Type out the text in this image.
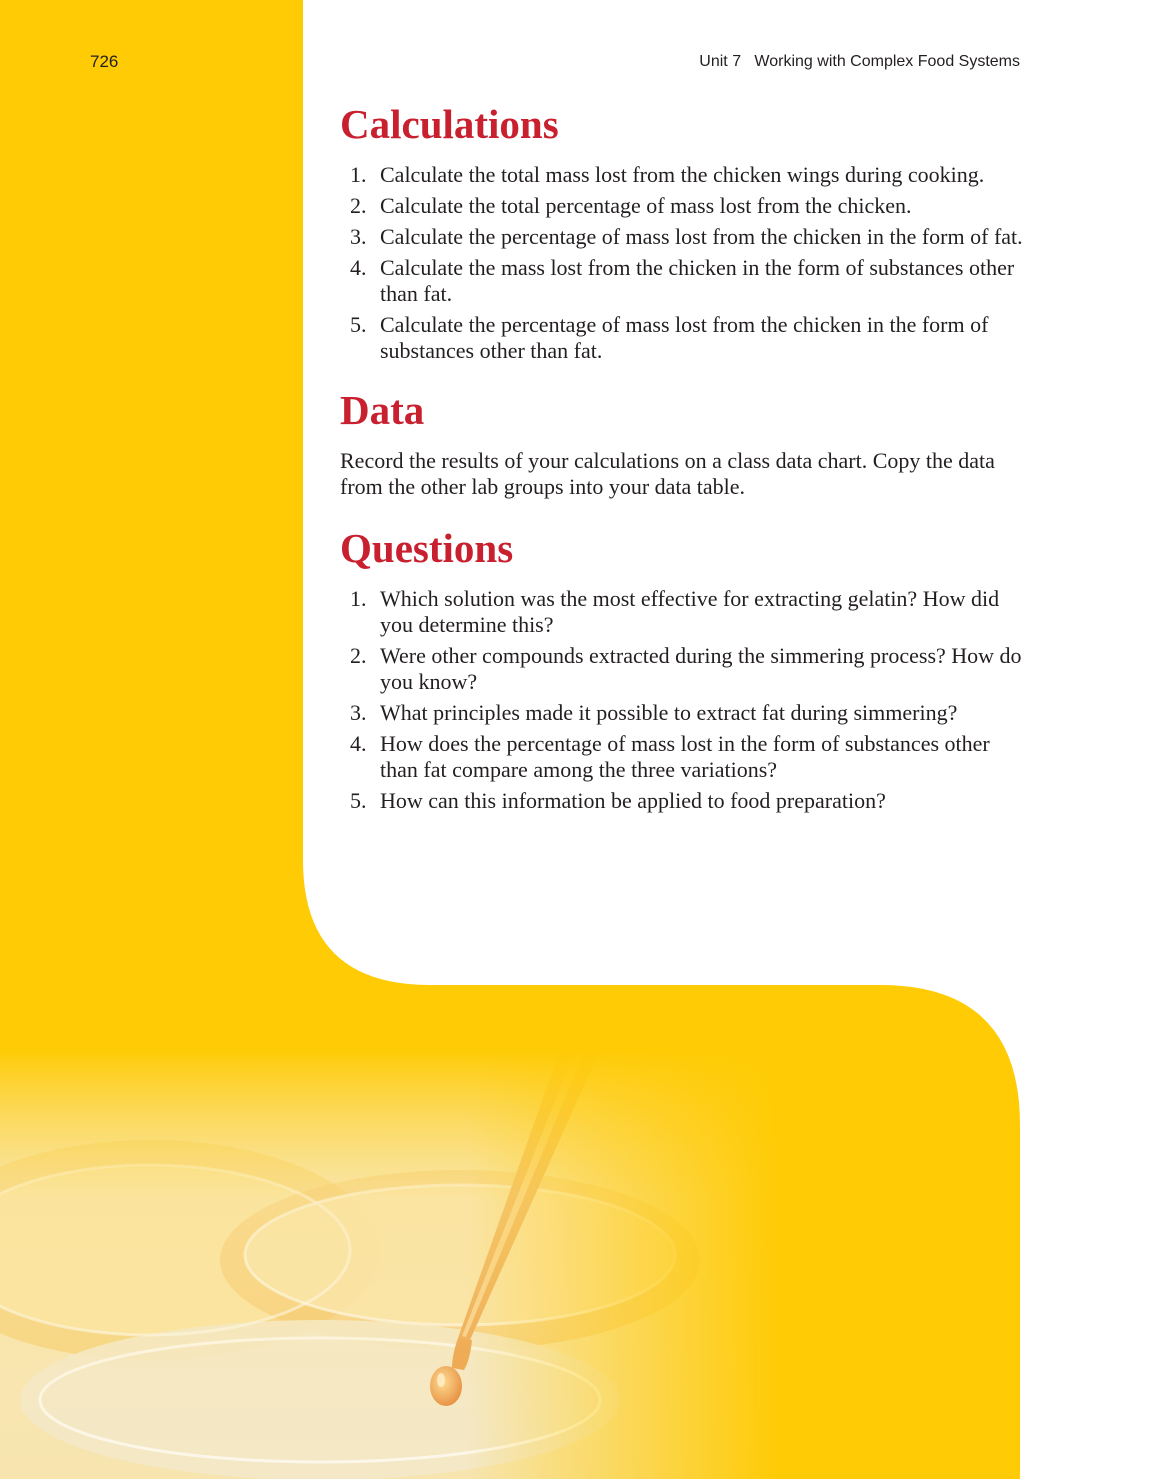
726	Unit 7   Working with Complex Food Systems
Calculations
1. Calculate the total mass lost from the chicken wings during cooking.
2. Calculate the total percentage of mass lost from the chicken.
3. Calculate the percentage of mass lost from the chicken in the form of fat.
4. Calculate the mass lost from the chicken in the form of substances other than fat.
5. Calculate the percentage of mass lost from the chicken in the form of substances other than fat.
Data

Record the results of your calculations on a class data chart. Copy the data from the other lab groups into your data table.

Questions
1. Which solution was the most effective for extracting gelatin? How did you determine this?
2. Were other compounds extracted during the simmering process? How do you know?
3. What principles made it possible to extract fat during simmering?
4. How does the percentage of mass lost in the form of substances other than fat compare among the three variations?
5. How can this information be applied to food preparation?
